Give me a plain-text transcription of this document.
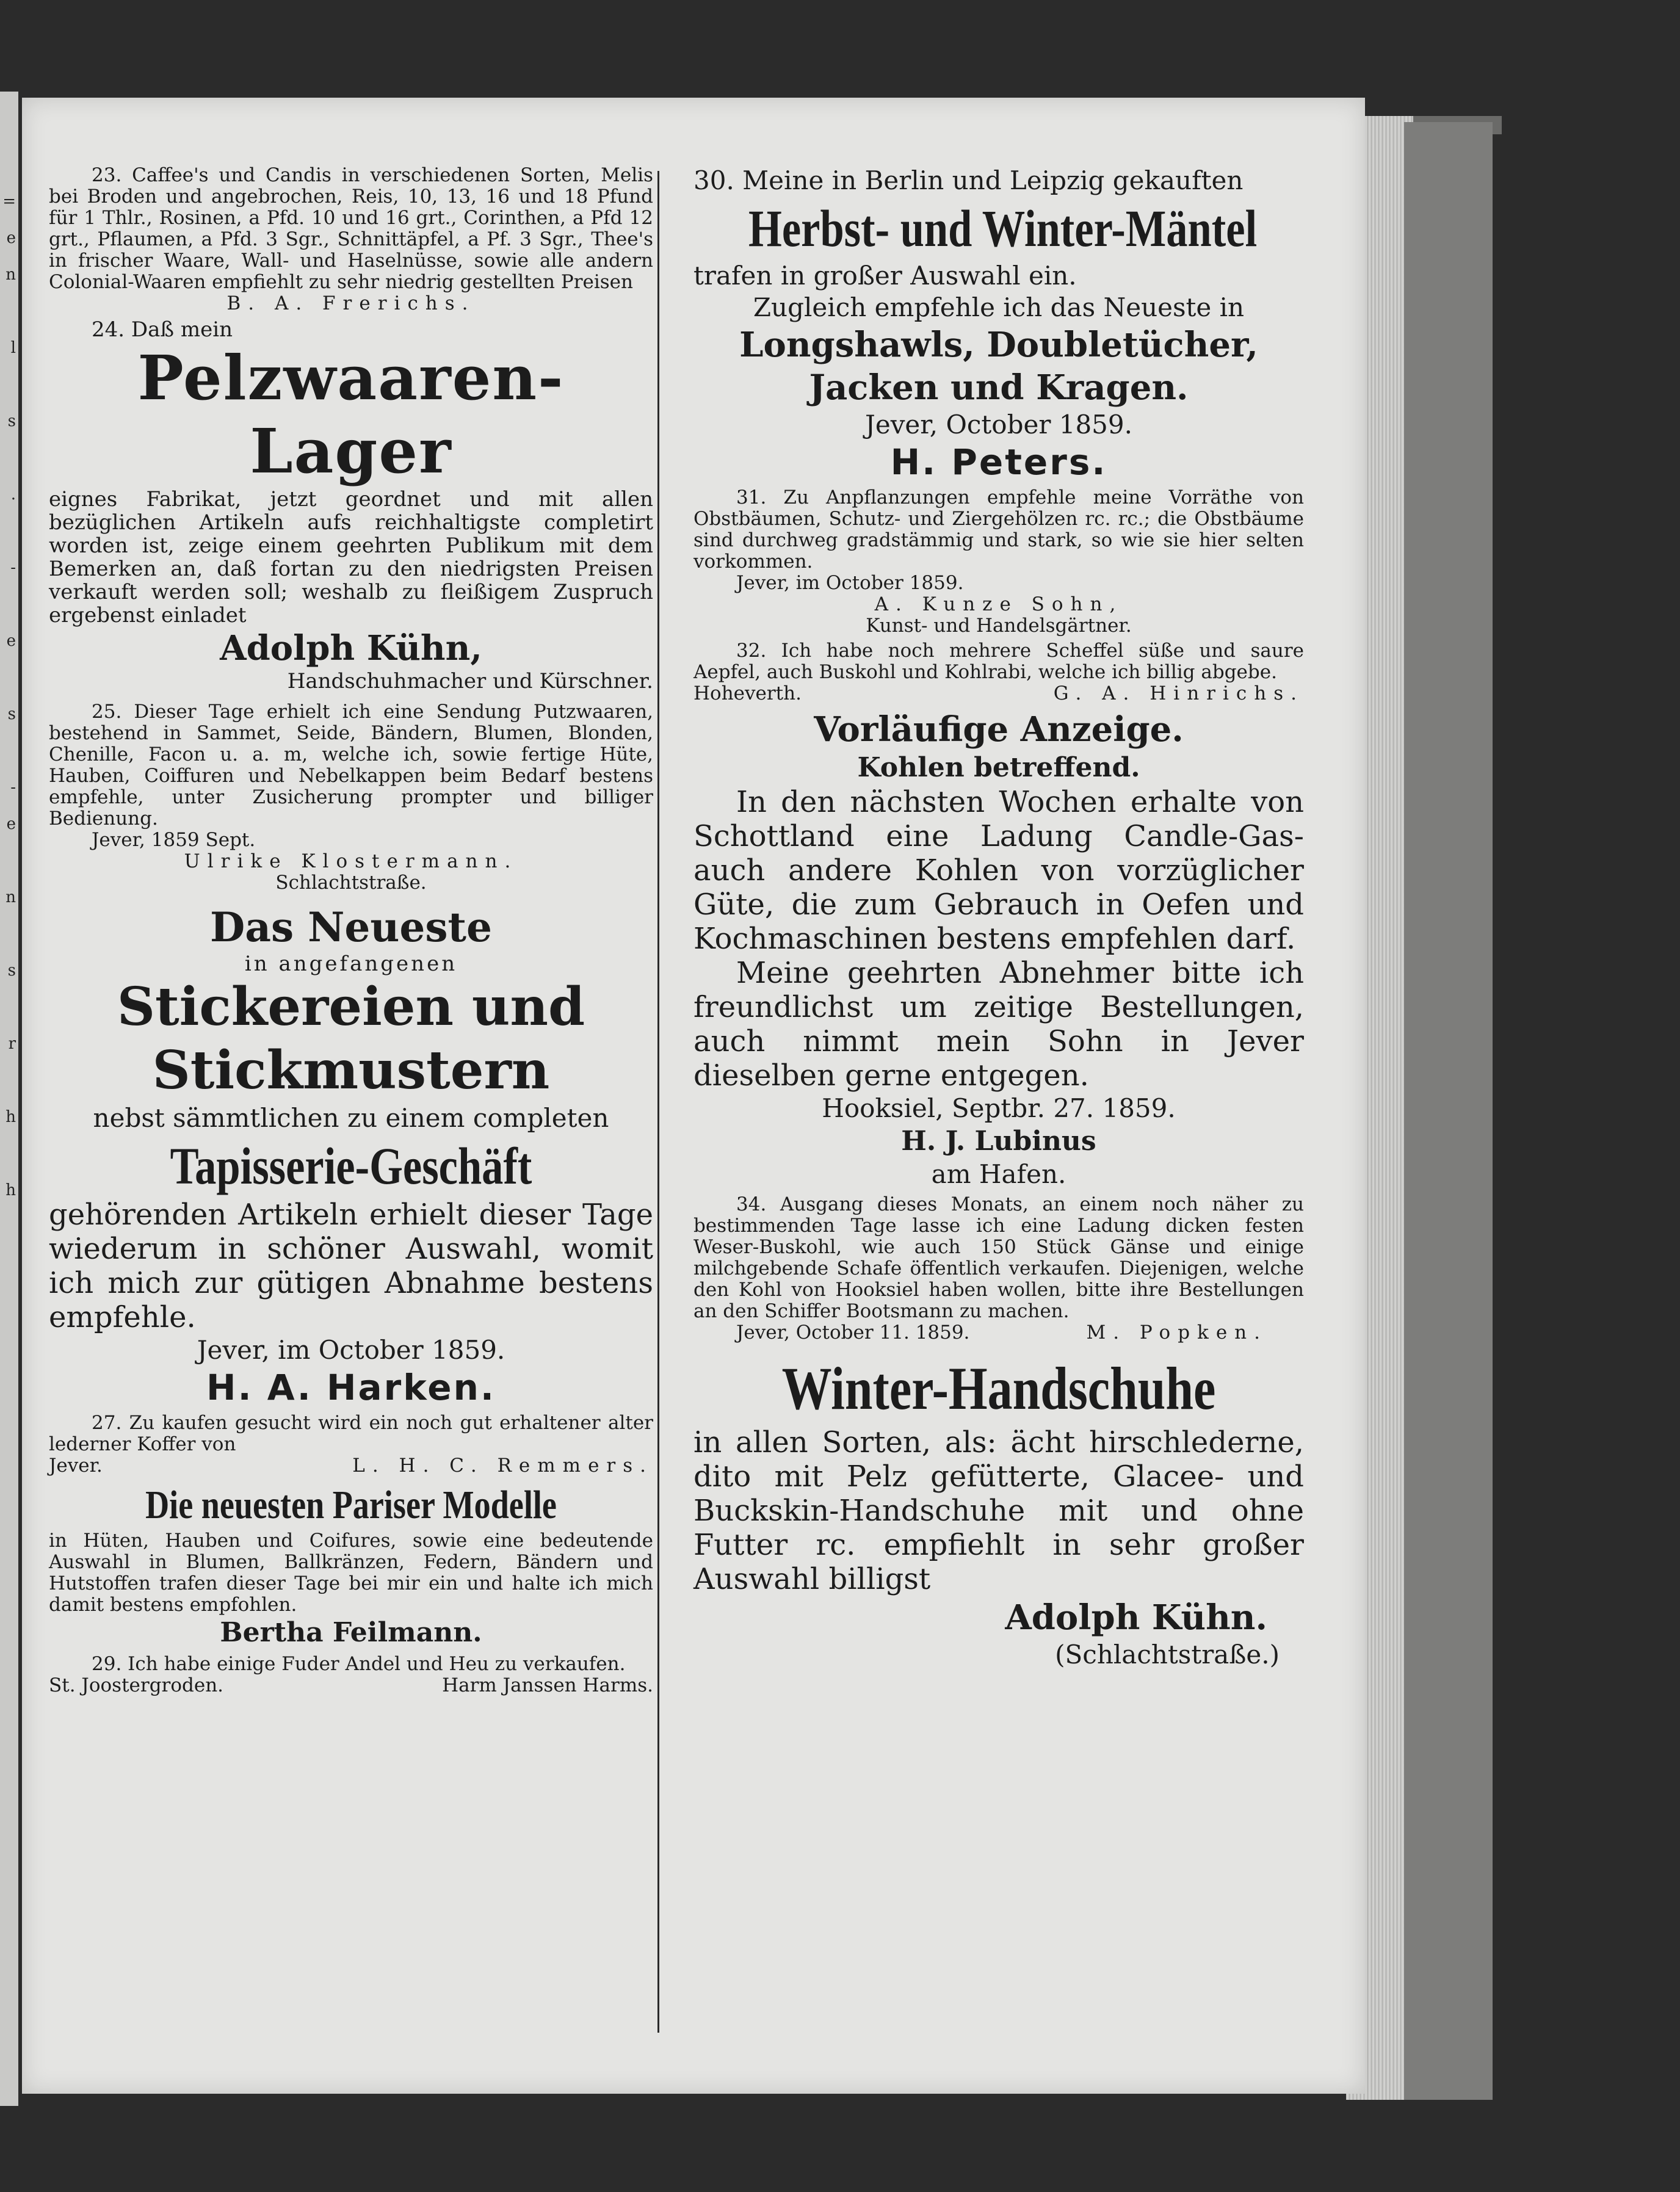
=
e
n

l

s

.

-

e

s

-
e

n

s

r

h

h

23. Caffee's und Candis in verschiedenen Sorten, Melis bei Broden und angebrochen, Reis, 10, 13, 16 und 18 Pfund für 1 Thlr., Rosinen, a Pfd. 10 und 16 grt., Corinthen, a Pfd 12 grt., Pflaumen, a Pfd. 3 Sgr., Schnittäpfel, a Pf. 3 Sgr., Thee's in frischer Waare, Wall- und Haselnüsse, sowie alle andern Colonial-Waaren empfiehlt zu sehr niedrig gestellten Preisen

B. A. Frerichs.

24. Daß mein

Pelzwaaren-Lager

eignes Fabrikat, jetzt geordnet und mit allen bezüglichen Artikeln aufs reichhaltigste completirt worden ist, zeige einem geehrten Publikum mit dem Bemerken an, daß fortan zu den niedrigsten Preisen verkauft werden soll; weshalb zu fleißigem Zuspruch ergebenst einladet

Adolph Kühn,

Handschuhmacher und Kürschner.

25. Dieser Tage erhielt ich eine Sendung Putzwaaren, bestehend in Sammet, Seide, Bändern, Blumen, Blonden, Chenille, Facon u. a. m, welche ich, sowie fertige Hüte, Hauben, Coiffuren und Nebelkappen beim Bedarf bestens empfehle, unter Zusicherung prompter und billiger Bedienung.

Jever, 1859 Sept.

Ulrike Klostermann.

Schlachtstraße.

Das Neueste

in angefangenen

Stickereien und

Stickmustern

nebst sämmtlichen zu einem completen

Tapisserie-Geschäft

gehörenden Artikeln erhielt dieser Tage wiederum in schöner Auswahl, womit ich mich zur gütigen Abnahme bestens empfehle.

Jever, im October 1859.

H. A. Harken.

27. Zu kaufen gesucht wird ein noch gut erhaltener alter lederner Koffer von

Jever.	L. H. C. Remmers.

Die neuesten Pariser Modelle

in Hüten, Hauben und Coifures, sowie eine bedeutende Auswahl in Blumen, Ballkränzen, Federn, Bändern und Hutstoffen trafen dieser Tage bei mir ein und halte ich mich damit bestens empfohlen.

Bertha Feilmann.

29. Ich habe einige Fuder Andel und Heu zu verkaufen.

St. Joostergroden.	Harm Janssen Harms.

30. Meine in Berlin und Leipzig gekauften

Herbst- und Winter-Mäntel

trafen in großer Auswahl ein.

Zugleich empfehle ich das Neueste in

Longshawls, Doubletücher,

Jacken und Kragen.

Jever, October 1859.

H. Peters.

31. Zu Anpflanzungen empfehle meine Vorräthe von Obstbäumen, Schutz- und Ziergehölzen rc. rc.; die Obstbäume sind durchweg gradstämmig und stark, so wie sie hier selten vorkommen.

Jever, im October 1859.

A. Kunze Sohn,

Kunst- und Handelsgärtner.

32. Ich habe noch mehrere Scheffel süße und saure Aepfel, auch Buskohl und Kohlrabi, welche ich billig abgebe.

Hoheverth.	G. A. Hinrichs.

Vorläufige Anzeige.

Kohlen betreffend.

In den nächsten Wochen erhalte von Schottland eine Ladung Candle-Gas- auch andere Kohlen von vorzüglicher Güte, die zum Gebrauch in Oefen und Kochmaschinen bestens empfehlen darf.

Meine geehrten Abnehmer bitte ich freundlichst um zeitige Bestellungen, auch nimmt mein Sohn in Jever dieselben gerne entgegen.

Hooksiel, Septbr. 27. 1859.

H. J. Lubinus

am Hafen.

34. Ausgang dieses Monats, an einem noch näher zu bestimmenden Tage lasse ich eine Ladung dicken festen Weser-Buskohl, wie auch 150 Stück Gänse und einige milchgebende Schafe öffentlich verkaufen. Diejenigen, welche den Kohl von Hooksiel haben wollen, bitte ihre Bestellungen an den Schiffer Bootsmann zu machen.

Jever, October 11. 1859.	M. Popken.

Winter-Handschuhe

in allen Sorten, als: ächt hirschlederne, dito mit Pelz gefütterte, Glacee- und Buckskin-Handschuhe mit und ohne Futter rc. empfiehlt in sehr großer Auswahl billigst

Adolph Kühn.

(Schlachtstraße.)
